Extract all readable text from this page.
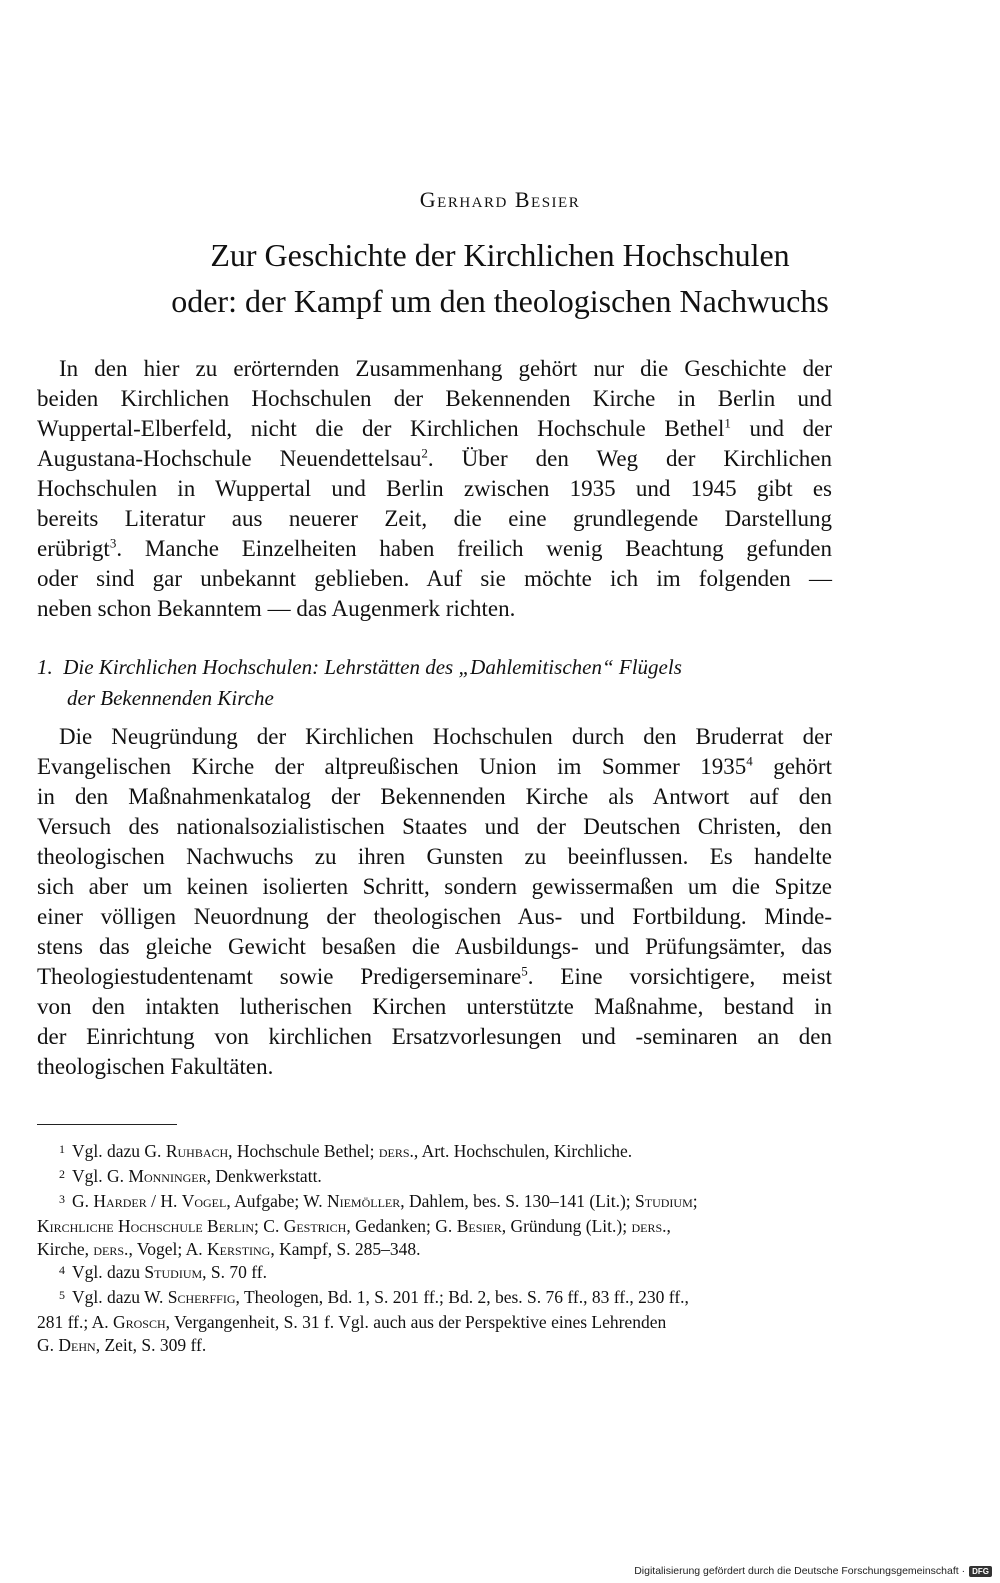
Gerhard Besier
Zur Geschichte der Kirchlichen Hochschulen
oder: der Kampf um den theologischen Nachwuchs
In den hier zu erörternden Zusammenhang gehört nur die Geschichte der
beiden Kirchlichen Hochschulen der Bekennenden Kirche in Berlin und
Wuppertal-Elberfeld, nicht die der Kirchlichen Hochschule Bethel$^1$ und der
Augustana-Hochschule Neuendettelsau$^2$. Über den Weg der Kirchlichen
Hochschulen in Wuppertal und Berlin zwischen 1935 und 1945 gibt es
bereits Literatur aus neuerer Zeit, die eine grundlegende Darstellung
erübrigt$^3$. Manche Einzelheiten haben freilich wenig Beachtung gefunden
oder sind gar unbekannt geblieben. Auf sie möchte ich im folgenden —
neben schon Bekanntem — das Augenmerk richten.
1. Die Kirchlichen Hochschulen: Lehrstätten des „Dahlemitischen“ Flügels
der Bekennenden Kirche
Die Neugründung der Kirchlichen Hochschulen durch den Bruderrat der
Evangelischen Kirche der altpreußischen Union im Sommer 1935$^4$ gehört
in den Maßnahmenkatalog der Bekennenden Kirche als Antwort auf den
Versuch des nationalsozialistischen Staates und der Deutschen Christen, den
theologischen Nachwuchs zu ihren Gunsten zu beeinflussen. Es handelte
sich aber um keinen isolierten Schritt, sondern gewissermaßen um die Spitze
einer völligen Neuordnung der theologischen Aus- und Fortbildung. Minde-
stens das gleiche Gewicht besaßen die Ausbildungs- und Prüfungsämter, das
Theologiestudentenamt sowie Predigerseminare$^5$. Eine vorsichtigere, meist
von den intakten lutherischen Kirchen unterstützte Maßnahme, bestand in
der Einrichtung von kirchlichen Ersatzvorlesungen und -seminaren an den
theologischen Fakultäten.
1 Vgl. dazu G. Ruhbach, Hochschule Bethel; ders., Art. Hochschulen, Kirchliche.
2 Vgl. G. Monninger, Denkwerkstatt.
3 G. Harder / H. Vogel, Aufgabe; W. Niemöller, Dahlem, bes. S. 130–141 (Lit.); Studium;
Kirchliche Hochschule Berlin; C. Gestrich, Gedanken; G. Besier, Gründung (Lit.); ders.,
Kirche, ders., Vogel; A. Kersting, Kampf, S. 285–348.
4 Vgl. dazu Studium, S. 70 ff.
5 Vgl. dazu W. Scherffig, Theologen, Bd. 1, S. 201 ff.; Bd. 2, bes. S. 76 ff., 83 ff., 230 ff.,
281 ff.; A. Grosch, Vergangenheit, S. 31 f. Vgl. auch aus der Perspektive eines Lehrenden
G. Dehn, Zeit, S. 309 ff.
Digitalisierung gefördert durch die Deutsche Forschungsgemeinschaft · DFG
